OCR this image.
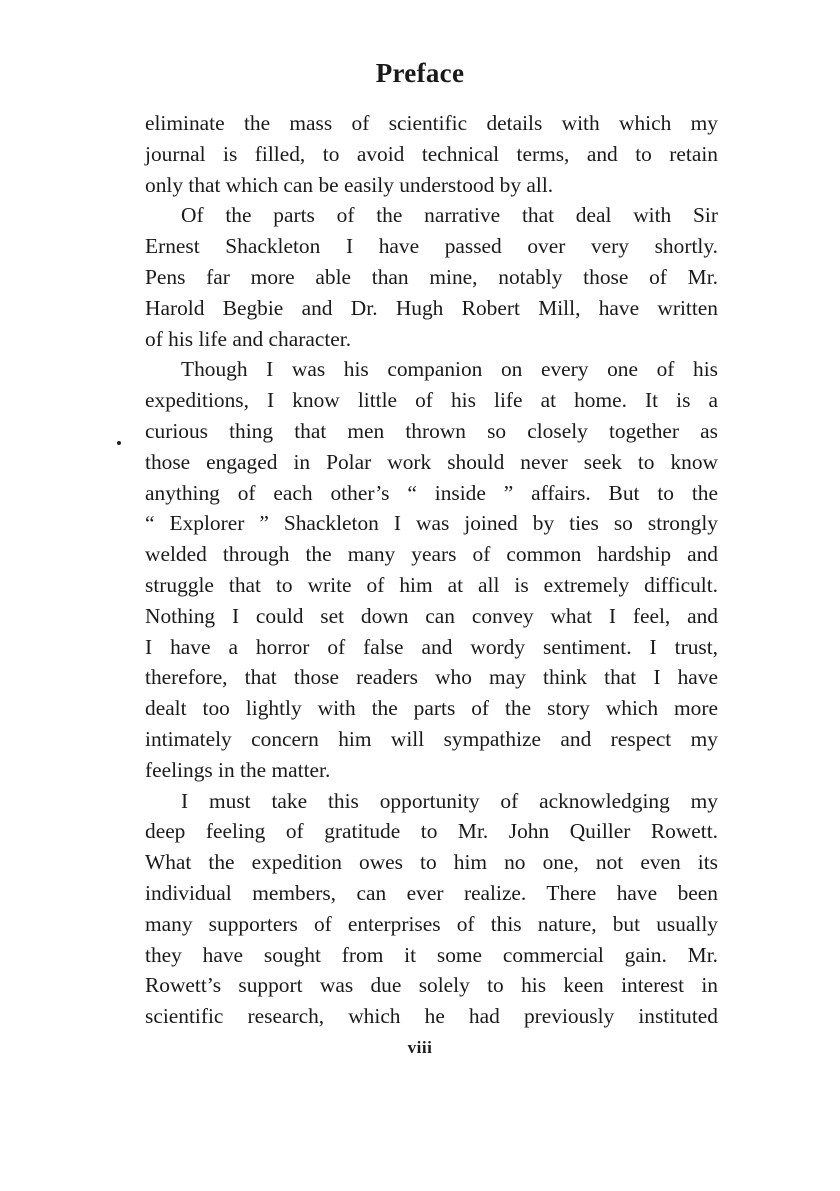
Preface
eliminate the mass of scientific details with which my
journal is filled, to avoid technical terms, and to retain
only that which can be easily understood by all.
Of the parts of the narrative that deal with Sir
Ernest Shackleton I have passed over very shortly.
Pens far more able than mine, notably those of Mr.
Harold Begbie and Dr. Hugh Robert Mill, have written
of his life and character.
Though I was his companion on every one of his
expeditions, I know little of his life at home. It is a
curious thing that men thrown so closely together as
those engaged in Polar work should never seek to know
anything of each other’s “ inside ” affairs. But to the
“ Explorer ” Shackleton I was joined by ties so strongly
welded through the many years of common hardship and
struggle that to write of him at all is extremely difficult.
Nothing I could set down can convey what I feel, and
I have a horror of false and wordy sentiment. I trust,
therefore, that those readers who may think that I have
dealt too lightly with the parts of the story which more
intimately concern him will sympathize and respect my
feelings in the matter.
I must take this opportunity of acknowledging my
deep feeling of gratitude to Mr. John Quiller Rowett.
What the expedition owes to him no one, not even its
individual members, can ever realize. There have been
many supporters of enterprises of this nature, but usually
they have sought from it some commercial gain. Mr.
Rowett’s support was due solely to his keen interest in
scientific research, which he had previously instituted
viii
